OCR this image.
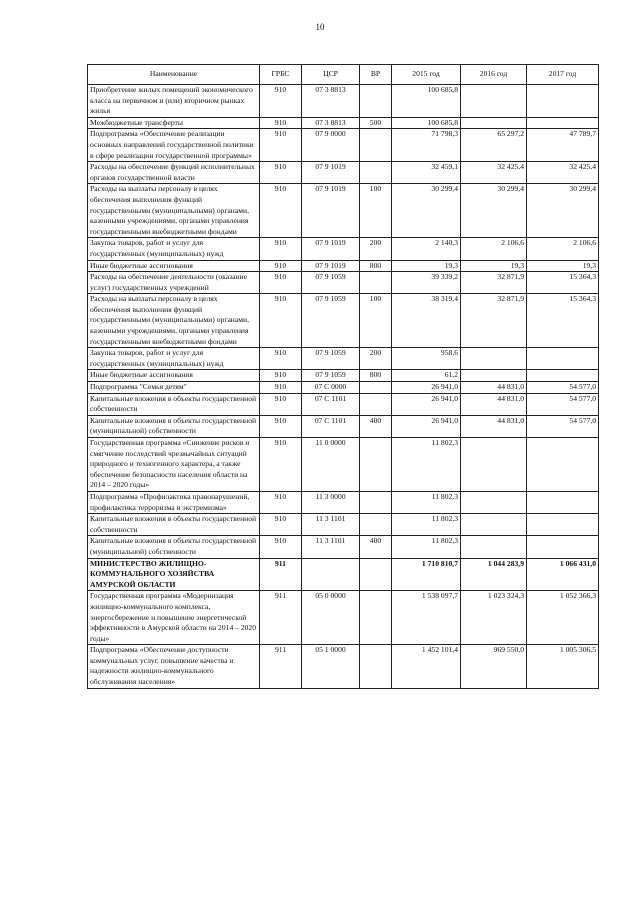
10
Наименование	ГРБС	ЦСР	ВР	2015 год	2016 год	2017 год
Приобретение жилых помещений экономического класса на первичном и (или) вторичном рынках жилья	910	07 3 8813		100 685,8		
Межбюджетные трансферты	910	07 3 8813	500	100 685,8		
Подпрограмма «Обеспечение реализации основных направлений государственной политики в сфере реализации государственной программы»	910	07 9 0000		71 798,3	65 297,2	47 789,7
Расходы на обеспечение функций исполнительных органов государственной власти	910	07 9 1019		32 459,1	32 425,4	32 425,4
Расходы на выплаты персоналу в целях обеспечения выполнения функций государственными (муниципальными) органами, казенными учреждениями, органами управления государственными внебюджетными фондами	910	07 9 1019	100	30 299,4	30 299,4	30 299,4
Закупка товаров, работ и услуг для государственных (муниципальных) нужд	910	07 9 1019	200	2 140,3	2 106,6	2 106,6
Иные бюджетные ассигнования	910	07 9 1019	800	19,3	19,3	19,3
Расходы на обеспечение деятельности (оказание услуг) государственных учреждений	910	07 9 1059		39 339,2	32 871,9	15 364,3
Расходы на выплаты персоналу в целях обеспечения выполнения функций государственными (муниципальными) органами, казенными учреждениями, органами управления государственными внебюджетными фондами	910	07 9 1059	100	38 319,4	32 871,9	15 364,3
Закупка товаров, работ и услуг для государственных (муниципальных) нужд	910	07 9 1059	200	958,6		
Иные бюджетные ассигнования	910	07 9 1059	800	61,2		
Подпрограмма "Семья детям"	910	07 С 0000		26 941,0	44 831,0	54 577,0
Капитальные вложения в объекты государственной собственности	910	07 С 1101		26 941,0	44 831,0	54 577,0
Капитальные вложения в объекты государственной (муниципальной) собственности	910	07 С 1101	400	26 941,0	44 831,0	54 577,0
Государственная программа «Снижение рисков и смягчение последствий чрезвычайных ситуаций природного и техногенного характера, а также обеспечение безопасности населения области на 2014 – 2020 годы»	910	11 0 0000		11 802,3		
Подпрограмма «Профилактика правонарушений, профилактика терроризма и экстремизма»	910	11 3 0000		11 802,3		
Капитальные вложения в объекты государственной собственности	910	11 3 1101		11 802,3		
Капитальные вложения в объекты государственной (муниципальной) собственности	910	11 3 1101	400	11 802,3		
МИНИСТЕРСТВО ЖИЛИЩНО-КОММУНАЛЬНОГО ХОЗЯЙСТВА АМУРСКОЙ ОБЛАСТИ	911			1 710 810,7	1 044 283,9	1 066 431,0
Государственная программа «Модернизация жилищно-коммунального комплекса, энергосбережение и повышение энергетической эффективности в Амурской области на 2014 – 2020 годы»	911	05 0 0000		1 538 097,7	1 023 324,3	1 052 366,3
Подпрограмма «Обеспечение доступности коммунальных услуг, повышение качества и надежности жилищно-коммунального обслуживания населения»	911	05 1 0000		1 452 101,4	969 550,0	1 005 306,5
